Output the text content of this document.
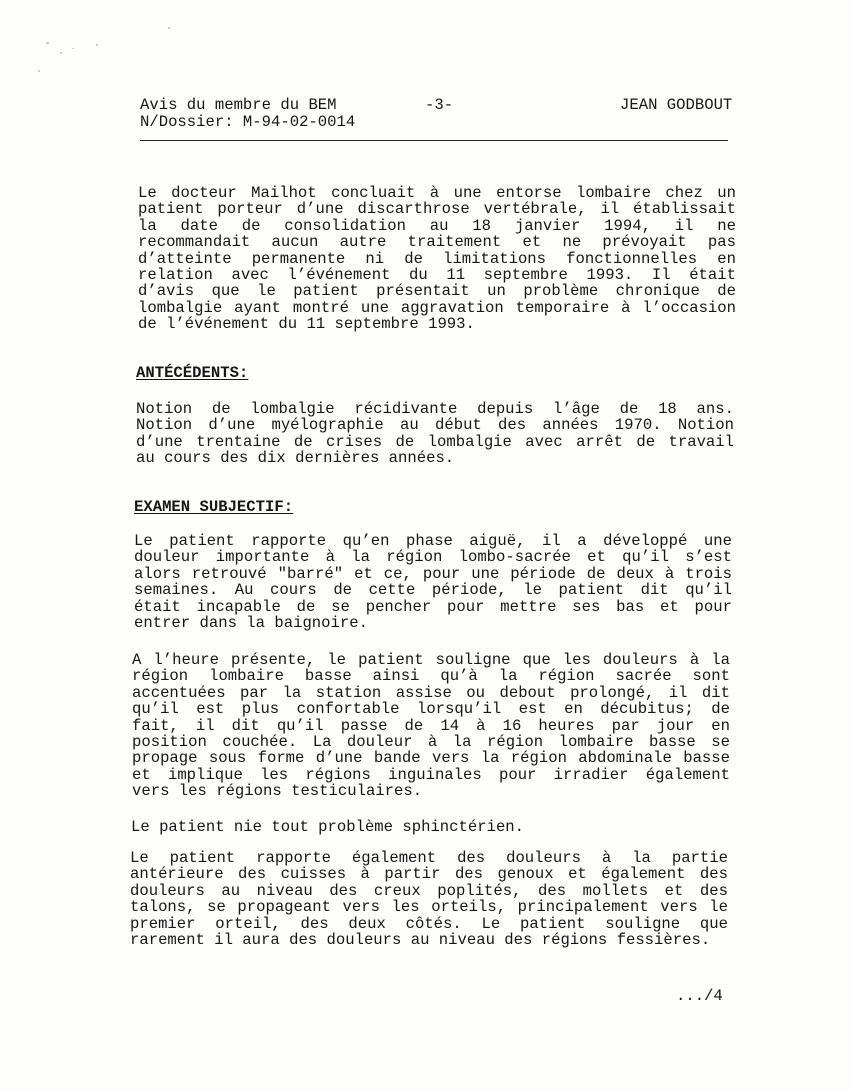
Avis du membre du BEM	-3-	JEAN GODBOUT
N/Dossier: M-94-02-0014
Le docteur Mailhot concluait à une entorse lombaire chez un
patient porteur d’une discarthrose vertébrale, il établissait
la date de consolidation au 18 janvier 1994, il ne
recommandait aucun autre traitement et ne prévoyait pas
d’atteinte permanente ni de limitations fonctionnelles en
relation avec l’événement du 11 septembre 1993. Il était
d’avis que le patient présentait un problème chronique de
lombalgie ayant montré une aggravation temporaire à l’occasion
de l’événement du 11 septembre 1993.
ANTÉCÉDENTS:
Notion de lombalgie récidivante depuis l’âge de 18 ans.
Notion d’une myélographie au début des années 1970. Notion
d’une trentaine de crises de lombalgie avec arrêt de travail
au cours des dix dernières années.
EXAMEN SUBJECTIF:
Le patient rapporte qu’en phase aiguë, il a développé une
douleur importante à la région lombo-sacrée et qu’il s’est
alors retrouvé "barré" et ce, pour une période de deux à trois
semaines. Au cours de cette période, le patient dit qu’il
était incapable de se pencher pour mettre ses bas et pour
entrer dans la baignoire.
A l’heure présente, le patient souligne que les douleurs à la
région lombaire basse ainsi qu’à la région sacrée sont
accentuées par la station assise ou debout prolongé, il dit
qu’il est plus confortable lorsqu’il est en décubitus; de
fait, il dit qu’il passe de 14 à 16 heures par jour en
position couchée. La douleur à la région lombaire basse se
propage sous forme d’une bande vers la région abdominale basse
et implique les régions inguinales pour irradier également
vers les régions testiculaires.
Le patient nie tout problème sphinctérien.
Le patient rapporte également des douleurs à la partie
antérieure des cuisses à partir des genoux et également des
douleurs au niveau des creux poplités, des mollets et des
talons, se propageant vers les orteils, principalement vers le
premier orteil, des deux côtés. Le patient souligne que
rarement il aura des douleurs au niveau des régions fessières.
.../4
